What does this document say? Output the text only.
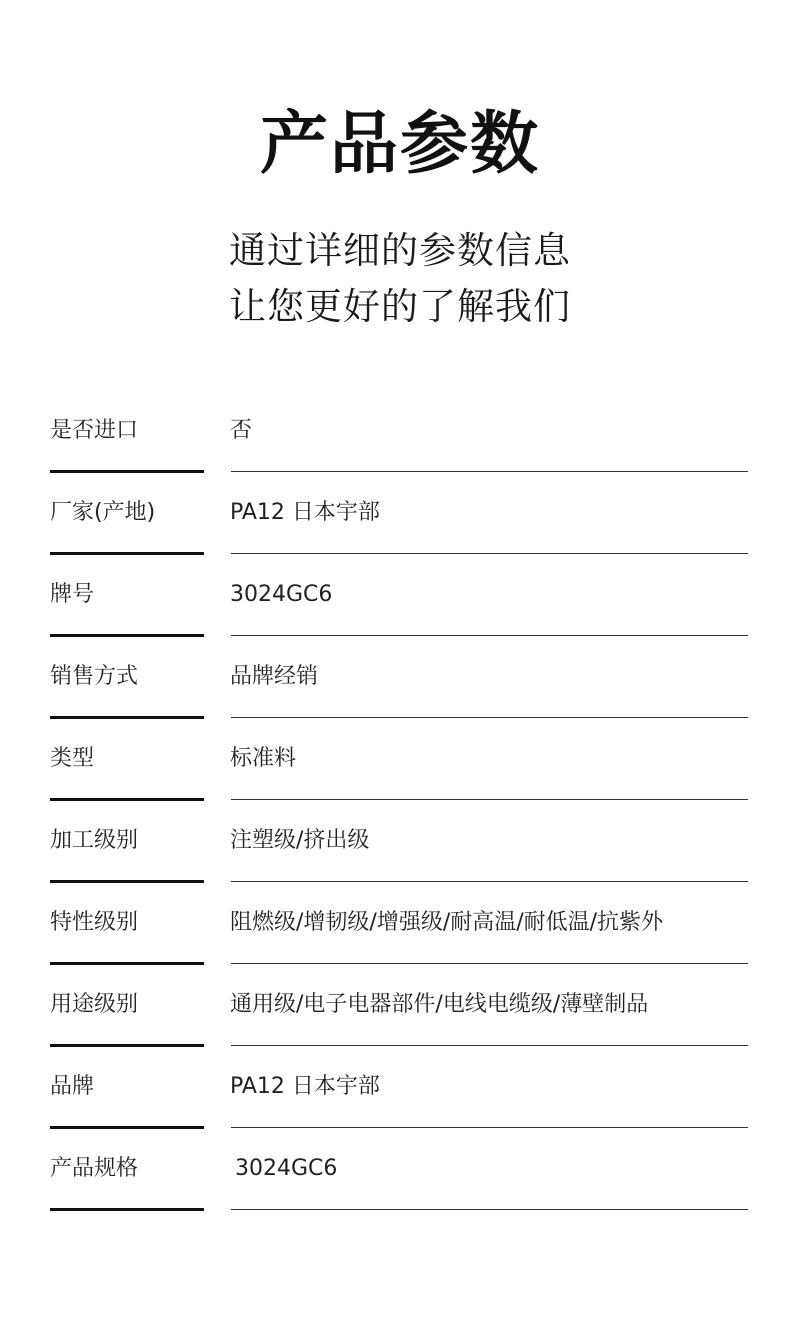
产品参数
通过详细的参数信息
让您更好的了解我们
是否进口	否
厂家(产地)	PA12 日本宇部
牌号	3024GC6
销售方式	品牌经销
类型	标准料
加工级别	注塑级/挤出级
特性级别	阻燃级/增韧级/增强级/耐高温/耐低温/抗紫外
用途级别	通用级/电子电器部件/电线电缆级/薄壁制品
品牌	PA12 日本宇部
产品规格	3024GC6
